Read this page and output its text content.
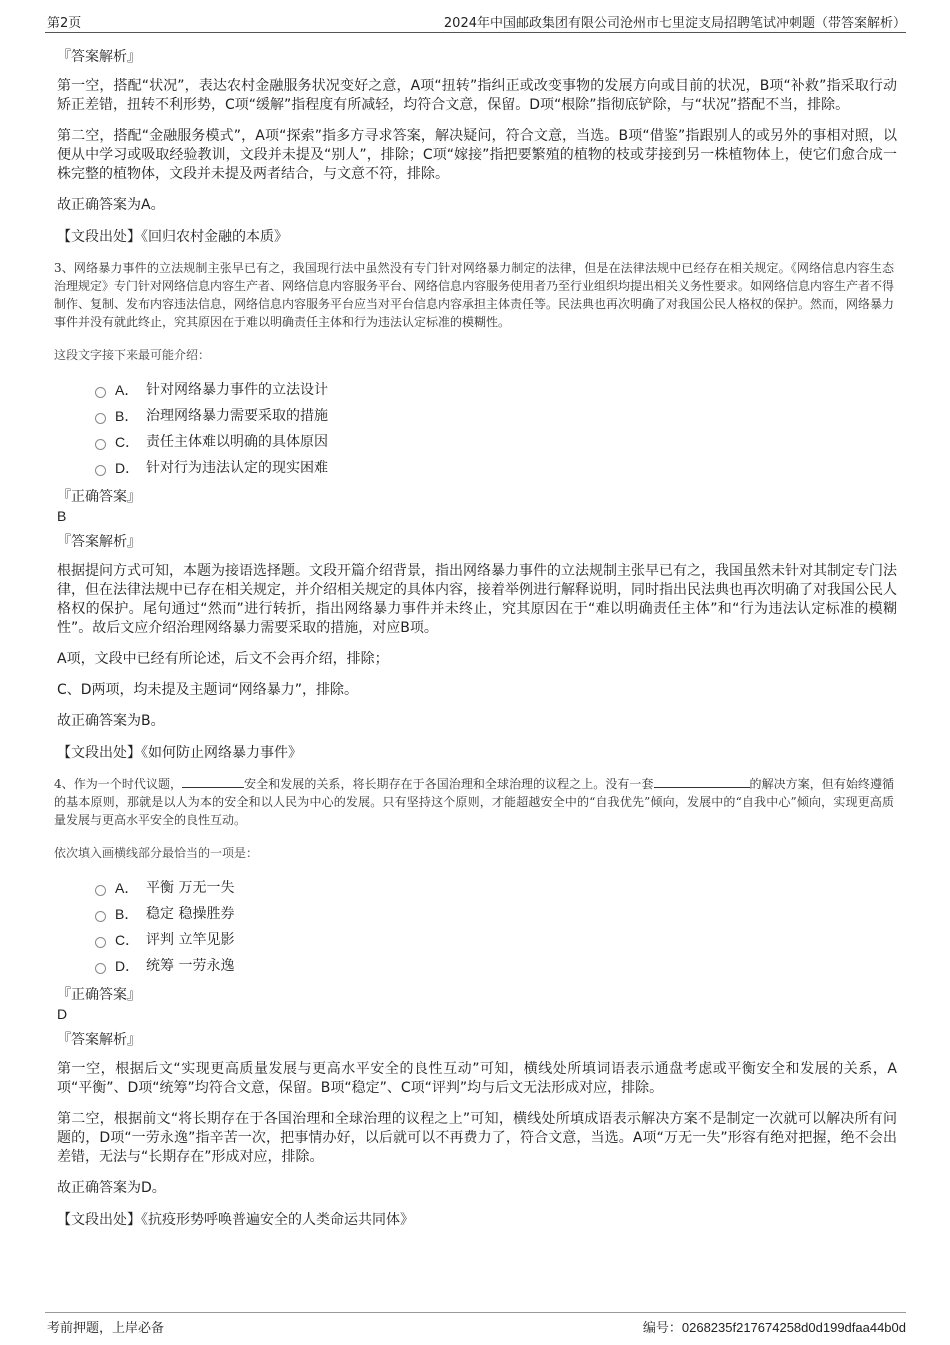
第2页	2024年中国邮政集团有限公司沧州市七里淀支局招聘笔试冲刺题（带答案解析）
『答案解析』

第一空，搭配“状况”，表达农村金融服务状况变好之意，A项“扭转”指纠正或改变事物的发展方向或目前的状况，B项“补救”指采取行动矫正差错，扭转不利形势，C项“缓解”指程度有所减轻，均符合文意，保留。D项“根除”指彻底铲除，与“状况”搭配不当，排除。

第二空，搭配“金融服务模式”，A项“探索”指多方寻求答案，解决疑问，符合文意，当选。B项“借鉴”指跟别人的或另外的事相对照，以便从中学习或吸取经验教训，文段并未提及“别人”，排除；C项“嫁接”指把要繁殖的植物的枝或芽接到另一株植物体上，使它们愈合成一株完整的植物体，文段并未提及两者结合，与文意不符，排除。

故正确答案为A。

【文段出处】《回归农村金融的本质》

3、网络暴力事件的立法规制主张早已有之，我国现行法中虽然没有专门针对网络暴力制定的法律，但是在法律法规中已经存在相关规定。《网络信息内容生态治理规定》专门针对网络信息内容生产者、网络信息内容服务平台、网络信息内容服务使用者乃至行业组织均提出相关义务性要求。如网络信息内容生产者不得制作、复制、发布内容违法信息，网络信息内容服务平台应当对平台信息内容承担主体责任等。民法典也再次明确了对我国公民人格权的保护。然而，网络暴力事件并没有就此终止，究其原因在于难以明确责任主体和行为违法认定标准的模糊性。

这段文字接下来最可能介绍：
A． 针对网络暴力事件的立法设计
B． 治理网络暴力需要采取的措施
C． 责任主体难以明确的具体原因
D． 针对行为违法认定的现实困难
『正确答案』
B
『答案解析』

根据提问方式可知，本题为接语选择题。文段开篇介绍背景，指出网络暴力事件的立法规制主张早已有之，我国虽然未针对其制定专门法律，但在法律法规中已存在相关规定，并介绍相关规定的具体内容，接着举例进行解释说明，同时指出民法典也再次明确了对我国公民人格权的保护。尾句通过“然而”进行转折，指出网络暴力事件并未终止，究其原因在于“难以明确责任主体”和“行为违法认定标准的模糊性”。故后文应介绍治理网络暴力需要采取的措施，对应B项。

A项，文段中已经有所论述，后文不会再介绍，排除；

C、D两项，均未提及主题词“网络暴力”，排除。

故正确答案为B。

【文段出处】《如何防止网络暴力事件》

4、作为一个时代议题，	安全和发展的关系，将长期存在于各国治理和全球治理的议程之上。没有一套	的解决方案，但有始终遵循的基本原则，那就是以人为本的安全和以人民为中心的发展。只有坚持这个原则，才能超越安全中的“自我优先”倾向，发展中的“自我中心”倾向，实现更高质量发展与更高水平安全的良性互动。

依次填入画横线部分最恰当的一项是：
A． 平衡 万无一失
B． 稳定 稳操胜券
C． 评判 立竿见影
D． 统筹 一劳永逸
『正确答案』
D
『答案解析』

第一空，根据后文“实现更高质量发展与更高水平安全的良性互动”可知，横线处所填词语表示通盘考虑或平衡安全和发展的关系，A项“平衡”、D项“统筹”均符合文意，保留。B项“稳定”、C项“评判”均与后文无法形成对应，排除。

第二空，根据前文“将长期存在于各国治理和全球治理的议程之上”可知，横线处所填成语表示解决方案不是制定一次就可以解决所有问题的，D项“一劳永逸”指辛苦一次，把事情办好，以后就可以不再费力了，符合文意，当选。A项“万无一失”形容有绝对把握，绝不会出差错，无法与“长期存在”形成对应，排除。

故正确答案为D。

【文段出处】《抗疫形势呼唤普遍安全的人类命运共同体》

考前押题，上岸必备	编号：0268235f217674258d0d199dfaa44b0d
